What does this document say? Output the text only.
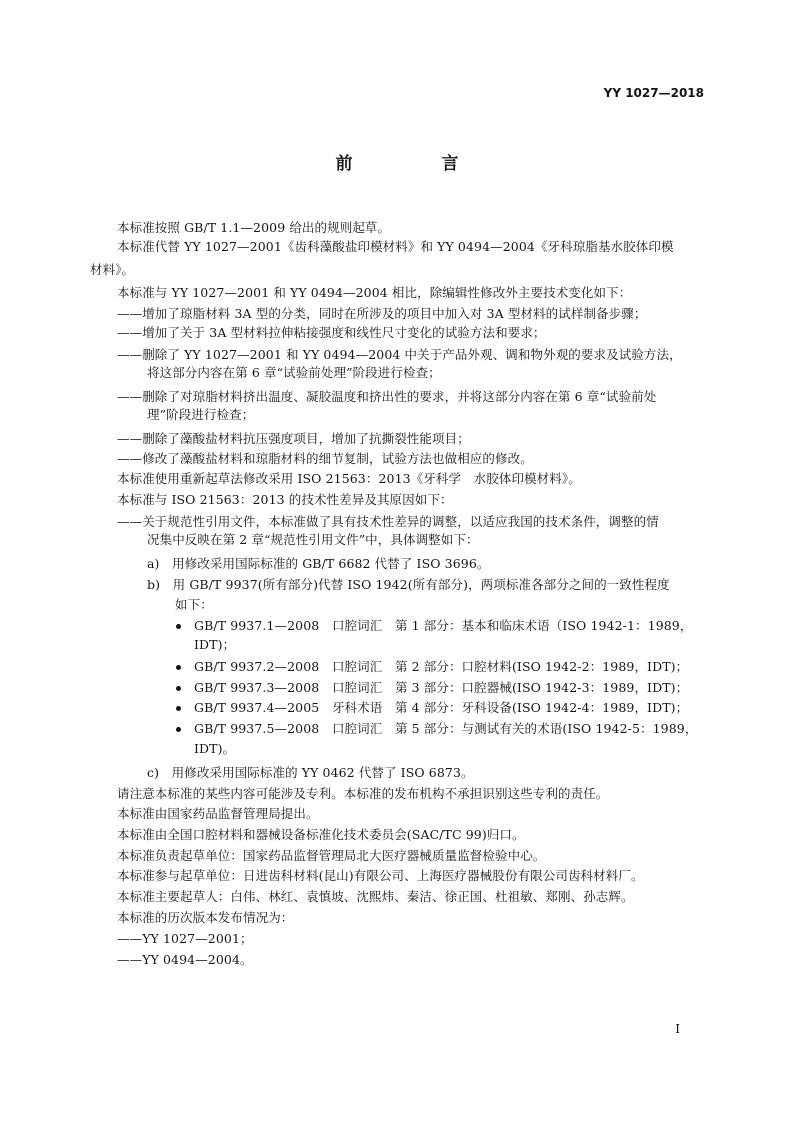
YY 1027—2018
前　言
本标准按照 GB/T 1.1—2009 给出的规则起草。
本标准代替 YY 1027—2001《齿科藻酸盐印模材料》和 YY 0494—2004《牙科琼脂基水胶体印模
材料》。
本标准与 YY 1027—2001 和 YY 0494—2004 相比，除编辑性修改外主要技术变化如下：
——增加了琼脂材料 3A 型的分类，同时在所涉及的项目中加入对 3A 型材料的试样制备步骤；
——增加了关于 3A 型材料拉伸粘接强度和线性尺寸变化的试验方法和要求；
——删除了 YY 1027—2001 和 YY 0494—2004 中关于产品外观、调和物外观的要求及试验方法，
将这部分内容在第 6 章“试验前处理”阶段进行检查；
——删除了对琼脂材料挤出温度、凝胶温度和挤出性的要求，并将这部分内容在第 6 章“试验前处
理”阶段进行检查；
——删除了藻酸盐材料抗压强度项目，增加了抗撕裂性能项目；
——修改了藻酸盐材料和琼脂材料的细节复制，试验方法也做相应的修改。
本标准使用重新起草法修改采用 ISO 21563：2013《牙科学　水胶体印模材料》。
本标准与 ISO 21563：2013 的技术性差异及其原因如下：
——关于规范性引用文件，本标准做了具有技术性差异的调整，以适应我国的技术条件，调整的情
况集中反映在第 2 章“规范性引用文件”中，具体调整如下：
a)　用修改采用国际标准的 GB/T 6682 代替了 ISO 3696。
b)　用 GB/T 9937(所有部分)代替 ISO 1942(所有部分)，两项标准各部分之间的一致性程度
如下：
GB/T 9937.1—2008　口腔词汇　第 1 部分：基本和临床术语（ISO 1942-1：1989，
IDT)；
GB/T 9937.2—2008　口腔词汇　第 2 部分：口腔材料(ISO 1942-2：1989，IDT)；
GB/T 9937.3—2008　口腔词汇　第 3 部分：口腔器械(ISO 1942-3：1989，IDT)；
GB/T 9937.4—2005　牙科术语　第 4 部分：牙科设备(ISO 1942-4：1989，IDT)；
GB/T 9937.5—2008　口腔词汇　第 5 部分：与测试有关的术语(ISO 1942-5：1989，
IDT)。
c)　用修改采用国际标准的 YY 0462 代替了 ISO 6873。
请注意本标准的某些内容可能涉及专利。本标准的发布机构不承担识别这些专利的责任。
本标准由国家药品监督管理局提出。
本标准由全国口腔材料和器械设备标准化技术委员会(SAC/TC 99)归口。
本标准负责起草单位：国家药品监督管理局北大医疗器械质量监督检验中心。
本标准参与起草单位：日进齿科材料(昆山)有限公司、上海医疗器械股份有限公司齿科材料厂。
本标准主要起草人：白伟、林红、袁慎坡、沈熙炜、秦洁、徐正国、杜祖敏、郑刚、孙志辉。
本标准的历次版本发布情况为：
——YY 1027—2001；
——YY 0494—2004。
I
